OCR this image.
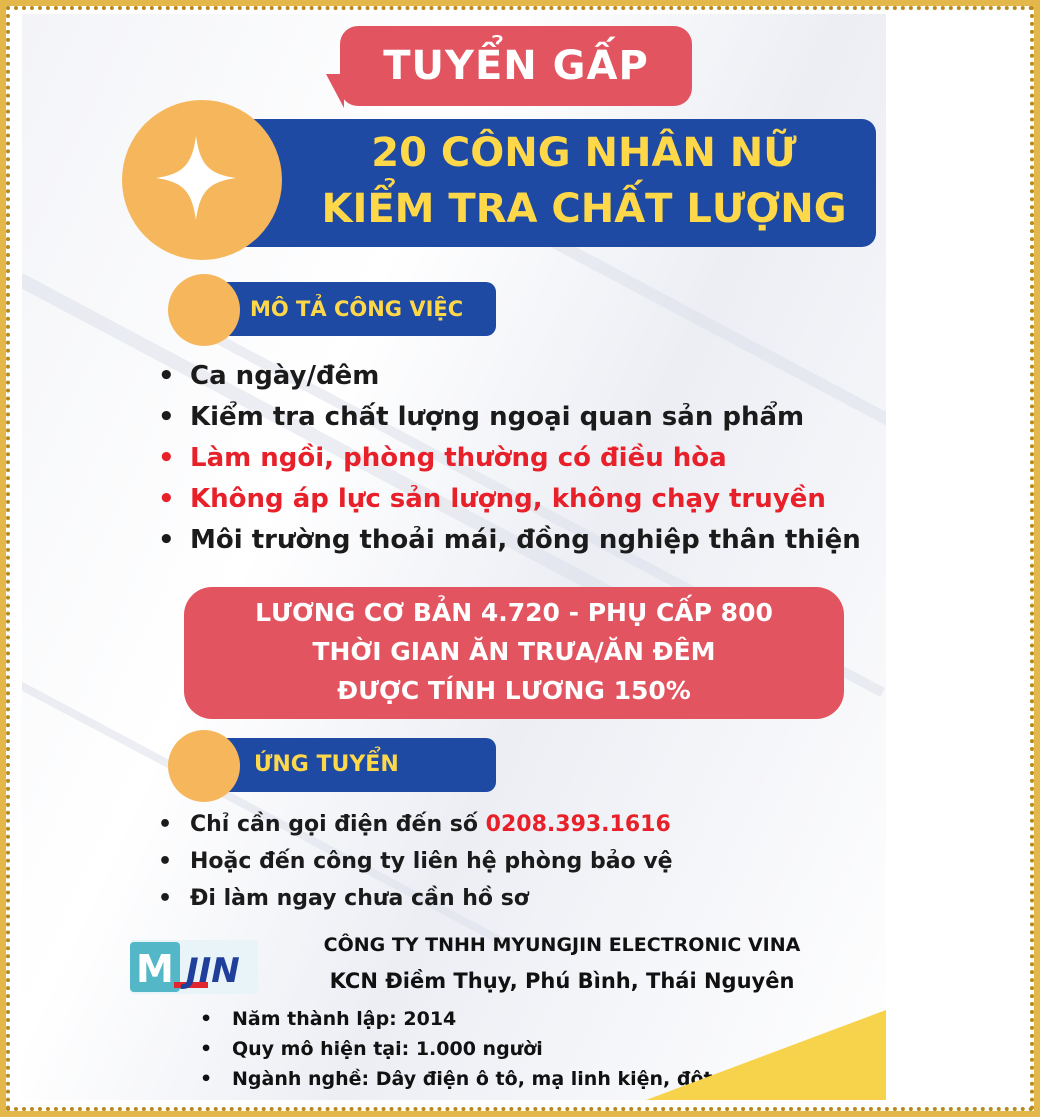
TUYỂN GẤP
20 CÔNG NHÂN NỮ
KIỂM TRA CHẤT LƯỢNG
MÔ TẢ CÔNG VIỆC
• Ca ngày/đêm
• Kiểm tra chất lượng ngoại quan sản phẩm
• Làm ngồi, phòng thường có điều hòa
• Không áp lực sản lượng, không chạy truyền
• Môi trường thoải mái, đồng nghiệp thân thiện
LƯƠNG CƠ BẢN 4.720 - PHỤ CẤP 800
THỜI GIAN ĂN TRƯA/ĂN ĐÊM
ĐƯỢC TÍNH LƯƠNG 150%
ỨNG TUYỂN
• Chỉ cần gọi điện đến số 0208.393.1616
• Hoặc đến công ty liên hệ phòng bảo vệ
• Đi làm ngay chưa cần hồ sơ
M JIN
CÔNG TY TNHH MYUNGJIN ELECTRONIC VINA
KCN Điềm Thụy, Phú Bình, Thái Nguyên
• Năm thành lập: 2014
• Quy mô hiện tại: 1.000 người
• Ngành nghề: Dây điện ô tô, mạ linh kiện, đột dập
